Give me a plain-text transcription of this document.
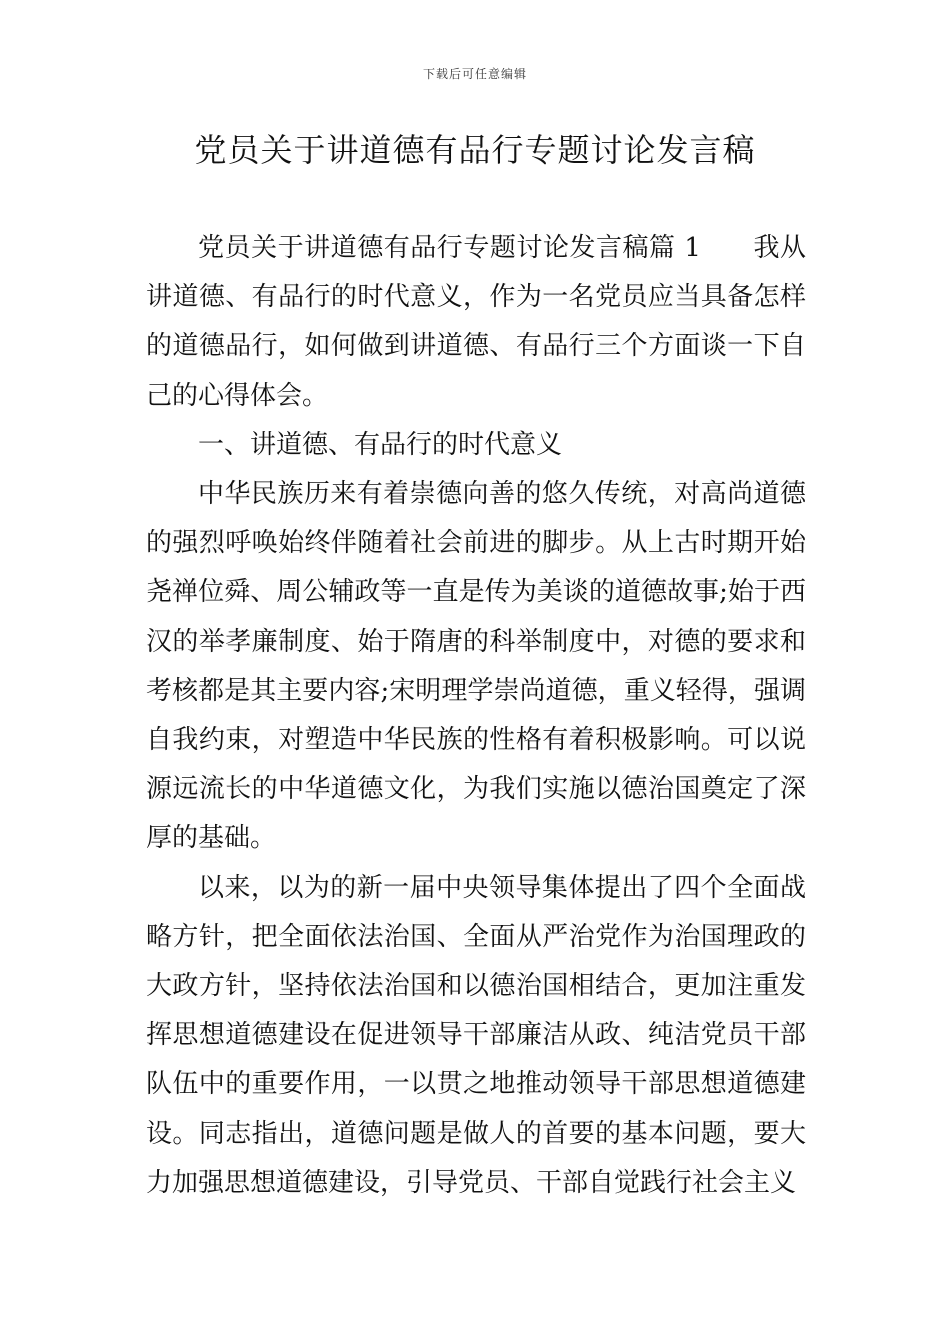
下载后可任意编辑
党员关于讲道德有品行专题讨论发言稿

党员关于讲道德有品行专题讨论发言稿篇 1 我从讲道德、有品行的时代意义，作为一名党员应当具备怎样的道德品行，如何做到讲道德、有品行三个方面谈一下自己的心得体会。

一、讲道德、有品行的时代意义

中华民族历来有着崇德向善的悠久传统，对高尚道德的强烈呼唤始终伴随着社会前进的脚步。从上古时期开始尧禅位舜、周公辅政等一直是传为美谈的道德故事;始于西汉的举孝廉制度、始于隋唐的科举制度中，对德的要求和考核都是其主要内容;宋明理学崇尚道德，重义轻得，强调自我约束，对塑造中华民族的性格有着积极影响。可以说源远流长的中华道德文化，为我们实施以德治国奠定了深厚的基础。

以来，以为的新一届中央领导集体提出了四个全面战略方针，把全面依法治国、全面从严治党作为治国理政的大政方针，坚持依法治国和以德治国相结合，更加注重发挥思想道德建设在促进领导干部廉洁从政、纯洁党员干部队伍中的重要作用，一以贯之地推动领导干部思想道德建设。同志指出，道德问题是做人的首要的基本问题，要大力加强思想道德建设，引导党员、干部自觉践行社会主义
